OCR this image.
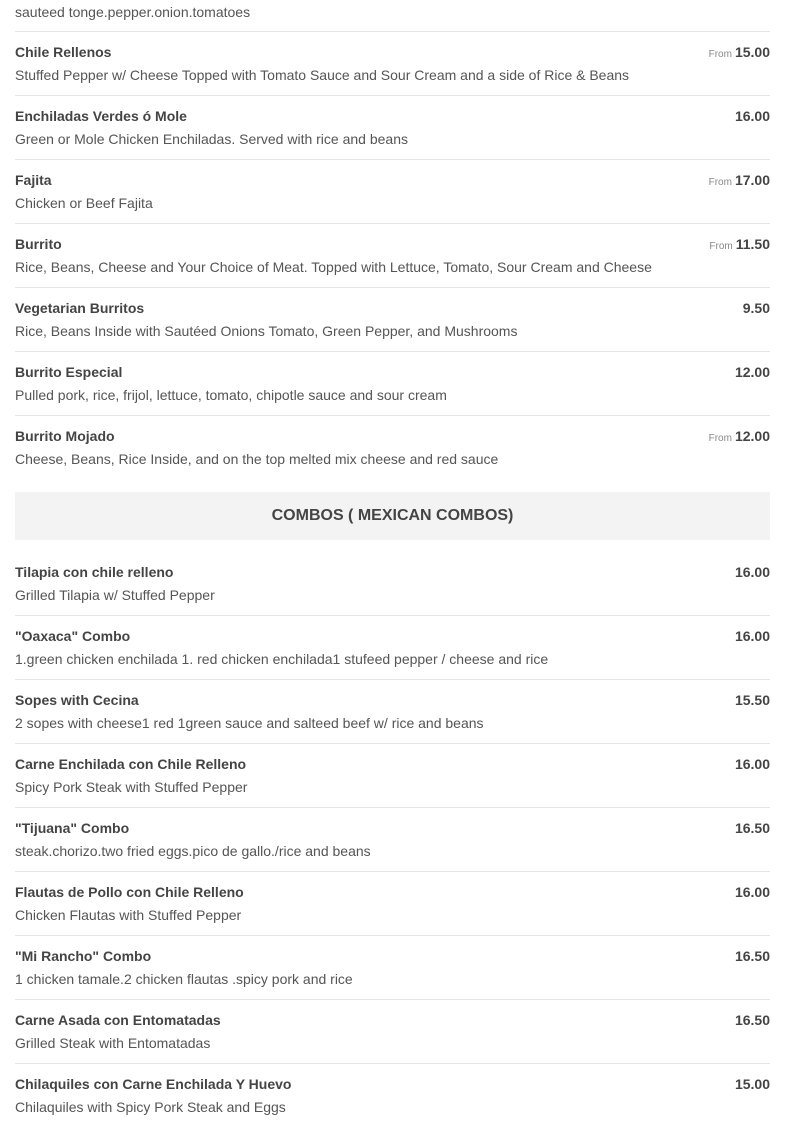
sauteed tonge.pepper.onion.tomatoes
Chile Rellenos	From 15.00
Stuffed Pepper w/ Cheese Topped with Tomato Sauce and Sour Cream and a side of Rice & Beans
Enchiladas Verdes ó Mole	16.00
Green or Mole Chicken Enchiladas. Served with rice and beans
Fajita	From 17.00
Chicken or Beef Fajita
Burrito	From 11.50
Rice, Beans, Cheese and Your Choice of Meat. Topped with Lettuce, Tomato, Sour Cream and Cheese
Vegetarian Burritos	9.50
Rice, Beans Inside with Sautéed Onions Tomato, Green Pepper, and Mushrooms
Burrito Especial	12.00
Pulled pork, rice, frijol, lettuce, tomato, chipotle sauce and sour cream
Burrito Mojado	From 12.00
Cheese, Beans, Rice Inside, and on the top melted mix cheese and red sauce
COMBOS ( MEXICAN COMBOS)
Tilapia con chile relleno	16.00
Grilled Tilapia w/ Stuffed Pepper
"Oaxaca" Combo	16.00
1.green chicken enchilada 1. red chicken enchilada1 stufeed pepper / cheese and rice
Sopes with Cecina	15.50
2 sopes with cheese1 red 1green sauce and salteed beef w/ rice and beans
Carne Enchilada con Chile Relleno	16.00
Spicy Pork Steak with Stuffed Pepper
"Tijuana" Combo	16.50
steak.chorizo.two fried eggs.pico de gallo./rice and beans
Flautas de Pollo con Chile Relleno	16.00
Chicken Flautas with Stuffed Pepper
"Mi Rancho" Combo	16.50
1 chicken tamale.2 chicken flautas .spicy pork and rice
Carne Asada con Entomatadas	16.50
Grilled Steak with Entomatadas
Chilaquiles con Carne Enchilada Y Huevo	15.00
Chilaquiles with Spicy Pork Steak and Eggs
